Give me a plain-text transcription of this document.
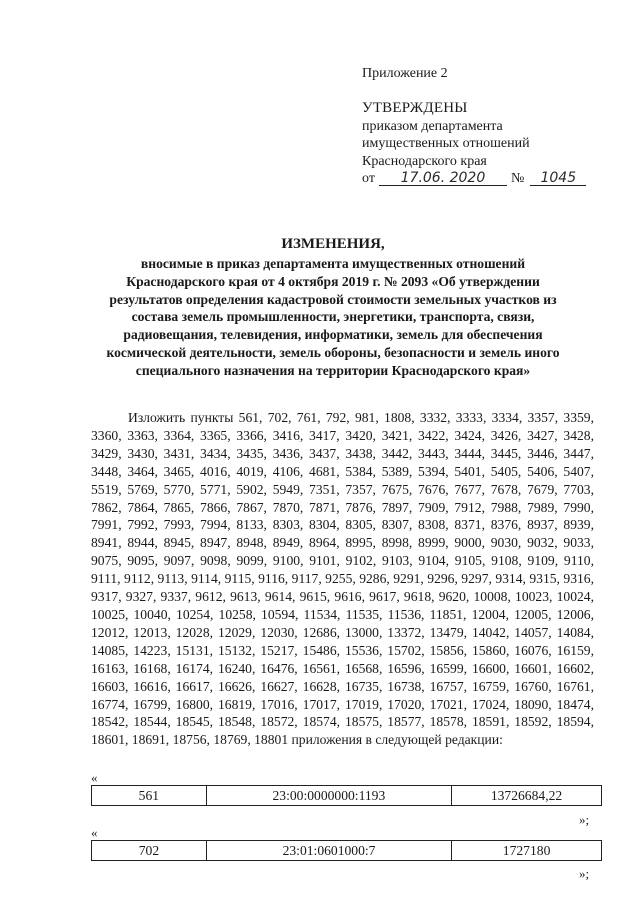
Приложение 2
УТВЕРЖДЕНЫ
приказом департамента
имущественных отношений
Краснодарского края
от	17.06. 2020	№	1045
ИЗМЕНЕНИЯ,
вносимые в приказ департамента имущественных отношений
Краснодарского края от 4 октября 2019 г. № 2093 «Об утверждении
результатов определения кадастровой стоимости земельных участков из
состава земель промышленности, энергетики, транспорта, связи,
радиовещания, телевидения, информатики, земель для обеспечения
космической деятельности, земель обороны, безопасности и земель иного
специального назначения на территории Краснодарского края»
Изложить пункты 561, 702, 761, 792, 981, 1808, 3332, 3333, 3334, 3357, 3359, 3360, 3363, 3364, 3365, 3366, 3416, 3417, 3420, 3421, 3422, 3424, 3426, 3427, 3428, 3429, 3430, 3431, 3434, 3435, 3436, 3437, 3438, 3442, 3443, 3444, 3445, 3446, 3447, 3448, 3464, 3465, 4016, 4019, 4106, 4681, 5384, 5389, 5394, 5401, 5405, 5406, 5407, 5519, 5769, 5770, 5771, 5902, 5949, 7351, 7357, 7675, 7676, 7677, 7678, 7679, 7703, 7862, 7864, 7865, 7866, 7867, 7870, 7871, 7876, 7897, 7909, 7912, 7988, 7989, 7990, 7991, 7992, 7993, 7994, 8133, 8303, 8304, 8305, 8307, 8308, 8371, 8376, 8937, 8939, 8941, 8944, 8945, 8947, 8948, 8949, 8964, 8995, 8998, 8999, 9000, 9030, 9032, 9033, 9075, 9095, 9097, 9098, 9099, 9100, 9101, 9102, 9103, 9104, 9105, 9108, 9109, 9110, 9111, 9112, 9113, 9114, 9115, 9116, 9117, 9255, 9286, 9291, 9296, 9297, 9314, 9315, 9316, 9317, 9327, 9337, 9612, 9613, 9614, 9615, 9616, 9617, 9618, 9620, 10008, 10023, 10024, 10025, 10040, 10254, 10258, 10594, 11534, 11535, 11536, 11851, 12004, 12005, 12006, 12012, 12013, 12028, 12029, 12030, 12686, 13000, 13372, 13479, 14042, 14057, 14084, 14085, 14223, 15131, 15132, 15217, 15486, 15536, 15702, 15856, 15860, 16076, 16159, 16163, 16168, 16174, 16240, 16476, 16561, 16568, 16596, 16599, 16600, 16601, 16602, 16603, 16616, 16617, 16626, 16627, 16628, 16735, 16738, 16757, 16759, 16760, 16761, 16774, 16799, 16800, 16819, 17016, 17017, 17019, 17020, 17021, 17024, 18090, 18474, 18542, 18544, 18545, 18548, 18572, 18574, 18575, 18577, 18578, 18591, 18592, 18594, 18601, 18691, 18756, 18769, 18801 приложения в следующей редакции:
«
561	23:00:0000000:1193	13726684,22
»;
«
702	23:01:0601000:7	1727180
»;
